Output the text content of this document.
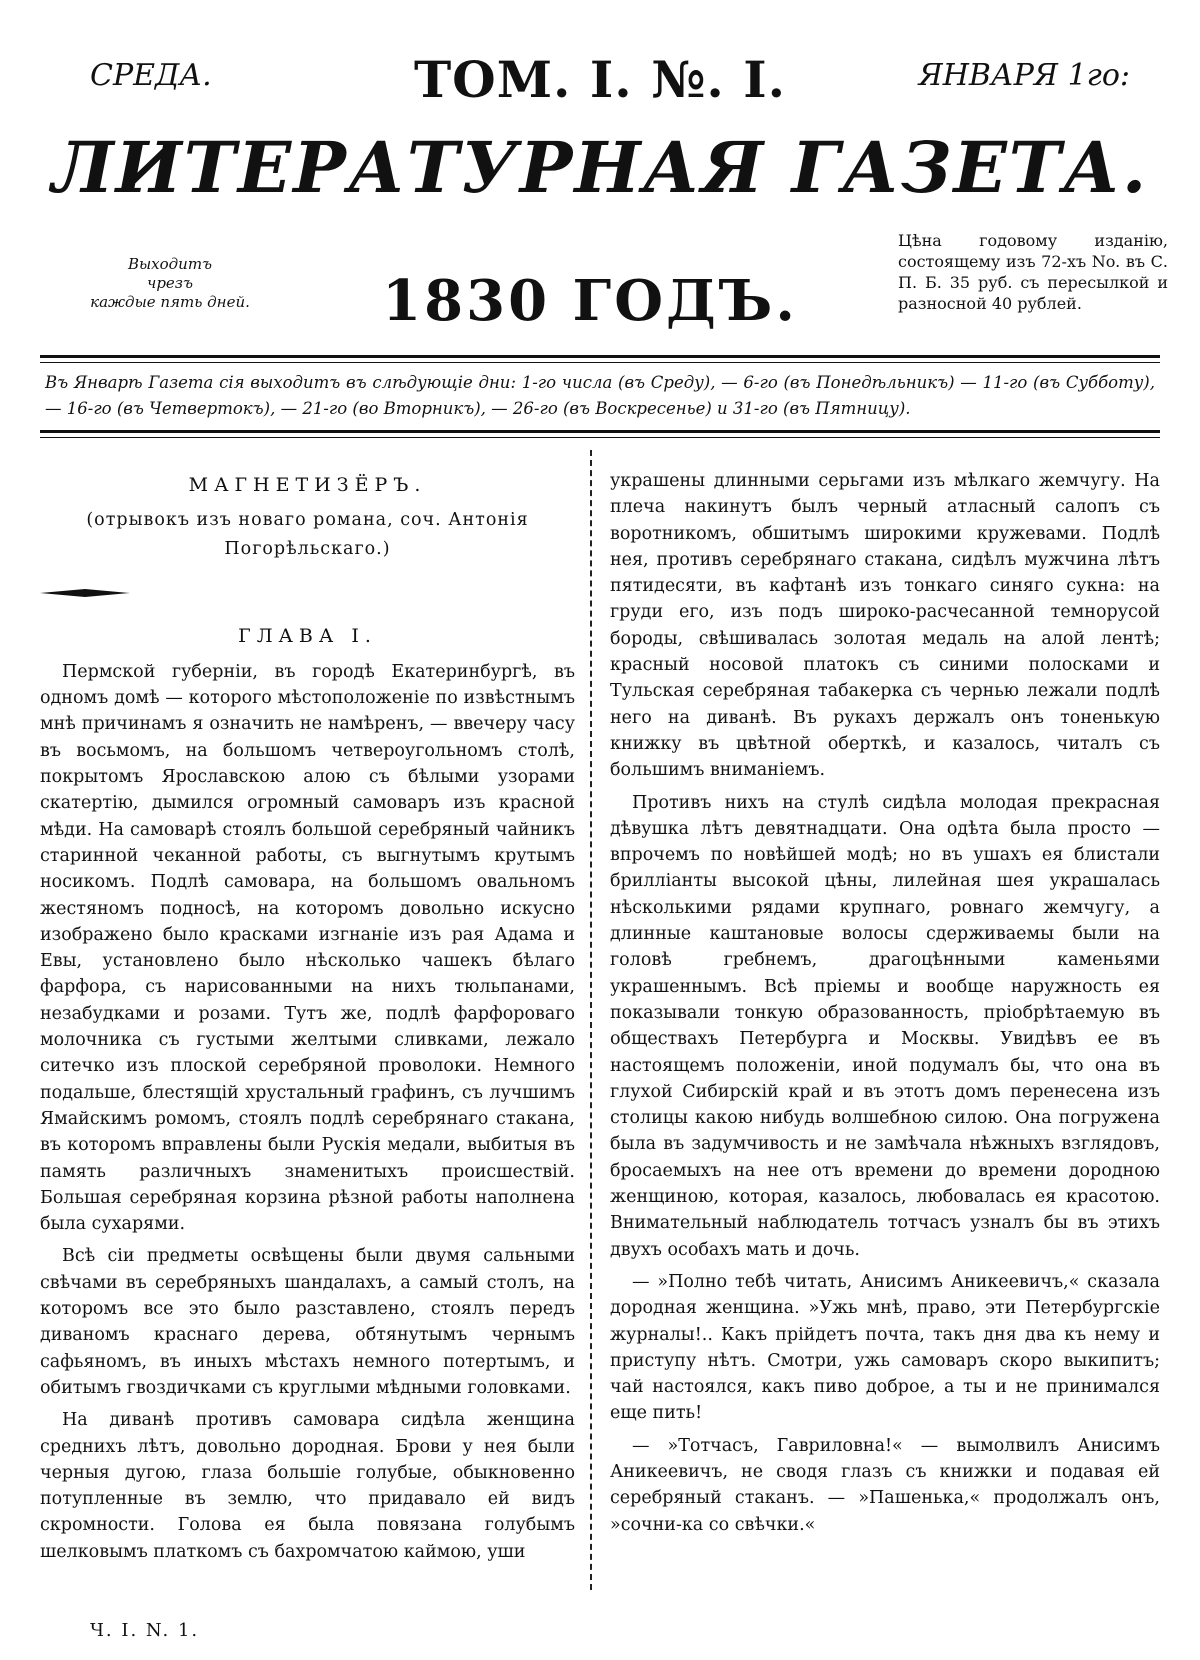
СРЕДА.	ТОМ. I. №. I.	ЯНВАРЯ 1го:
ЛИТЕРАТУРНАЯ ГАЗЕТА.
Выходитъ
чрезъ
каждые пять дней.	1830 ГОДЪ.
Цѣна годовому изданію, состоящему изъ 72-хъ No. въ С. П. Б. 35 руб. съ пересылкой и разносной 40 рублей.
Въ Январѣ Газета сія выходитъ въ слѣдующіе дни: 1-го числа (въ Среду), — 6-го (въ Понедѣльникъ) — 11-го (въ Субботу), — 16-го (въ Четвертокъ), — 21-го (во Вторникъ), — 26-го (въ Воскресенье) и 31-го (въ Пятницу).
МАГНЕТИЗЁРЪ.
(отрывокъ изъ новаго романа, соч. Антонія Погорѣльскаго.)
ГЛАВА I.

Пермской губерніи, въ городѣ Екатеринбургѣ, въ одномъ домѣ — которого мѣстоположеніе по извѣстнымъ мнѣ причинамъ я означить не намѣренъ, — ввечеру часу въ восьмомъ, на большомъ четвероугольномъ столѣ, покрытомъ Ярославскою алою съ бѣлыми узорами скатертію, дымился огромный самоваръ изъ красной мѣди. На самоварѣ стоялъ большой серебряный чайникъ старинной чеканной работы, съ выгнутымъ крутымъ носикомъ. Подлѣ самовара, на большомъ овальномъ жестяномъ подносѣ, на которомъ довольно искусно изображено было красками изгнаніе изъ рая Адама и Евы, установлено было нѣсколько чашекъ бѣлаго фарфора, съ нарисованными на нихъ тюльпанами, незабудками и розами. Тутъ же, подлѣ фарфороваго молочника съ густыми желтыми сливками, лежало ситечко изъ плоской серебряной проволоки. Немного подальше, блестящій хрустальный графинъ, съ лучшимъ Ямайскимъ ромомъ, стоялъ подлѣ серебрянаго стакана, въ которомъ вправлены были Рускія медали, выбитыя въ память различныхъ знаменитыхъ происшествій. Большая серебряная корзина рѣзной работы наполнена была сухарями.

Всѣ сіи предметы освѣщены были двумя сальными свѣчами въ серебряныхъ шандалахъ, а самый столъ, на которомъ все это было разставлено, стоялъ передъ диваномъ краснаго дерева, обтянутымъ чернымъ сафьяномъ, въ иныхъ мѣстахъ немного потертымъ, и обитымъ гвоздичками съ круглыми мѣдными головками.

На диванѣ противъ самовара сидѣла женщина среднихъ лѣтъ, довольно дородная. Брови у нея были черныя дугою, глаза большіе голубые, обыкновенно потупленные въ землю, что придавало ей видъ скромности. Голова ея была повязана голубымъ шелковымъ платкомъ съ бахромчатою каймою, уши

украшены длинными серьгами изъ мѣлкаго жемчугу. На плеча накинутъ былъ черный атласный салопъ съ воротникомъ, обшитымъ широкими кружевами. Подлѣ нея, противъ серебрянаго стакана, сидѣлъ мужчина лѣтъ пятидесяти, въ кафтанѣ изъ тонкаго синяго сукна: на груди его, изъ подъ широко-расчесанной темнорусой бороды, свѣшивалась золотая медаль на алой лентѣ; красный носовой платокъ съ синими полосками и Тульская серебряная табакерка съ чернью лежали подлѣ него на диванѣ. Въ рукахъ держалъ онъ тоненькую книжку въ цвѣтной оберткѣ, и казалось, читалъ съ большимъ вниманіемъ.

Противъ нихъ на стулѣ сидѣла молодая прекрасная дѣвушка лѣтъ девятнадцати. Она одѣта была просто — впрочемъ по новѣйшей модѣ; но въ ушахъ ея блистали брилліанты высокой цѣны, лилейная шея украшалась нѣсколькими рядами крупнаго, ровнаго жемчугу, а длинные каштановые волосы сдерживаемы были на головѣ гребнемъ, драгоцѣнными каменьями украшеннымъ. Всѣ пріемы и вообще наружность ея показывали тонкую образованность, пріобрѣтаемую въ обществахъ Петербурга и Москвы. Увидѣвъ ее въ настоящемъ положеніи, иной подумалъ бы, что она въ глухой Сибирскій край и въ этотъ домъ перенесена изъ столицы какою нибудь волшебною силою. Она погружена была въ задумчивость и не замѣчала нѣжныхъ взглядовъ, бросаемыхъ на нее отъ времени до времени дородною женщиною, которая, казалось, любовалась ея красотою. Внимательный наблюдатель тотчасъ узналъ бы въ этихъ двухъ особахъ мать и дочь.

— »Полно тебѣ читать, Анисимъ Аникеевичъ,« сказала дородная женщина. »Ужь мнѣ, право, эти Петербургскіе журналы!.. Какъ прійдетъ почта, такъ дня два къ нему и приступу нѣтъ. Смотри, ужь самоваръ скоро выкипитъ; чай настоялся, какъ пиво доброе, а ты и не принимался еще пить!

— »Тотчасъ, Гавриловна!« — вымолвилъ Анисимъ Аникеевичъ, не сводя глазъ съ книжки и подавая ей серебряный стаканъ. — »Пашенька,« продолжалъ онъ, »сочни-ка со свѣчки.«

Ч. I. N. 1.
